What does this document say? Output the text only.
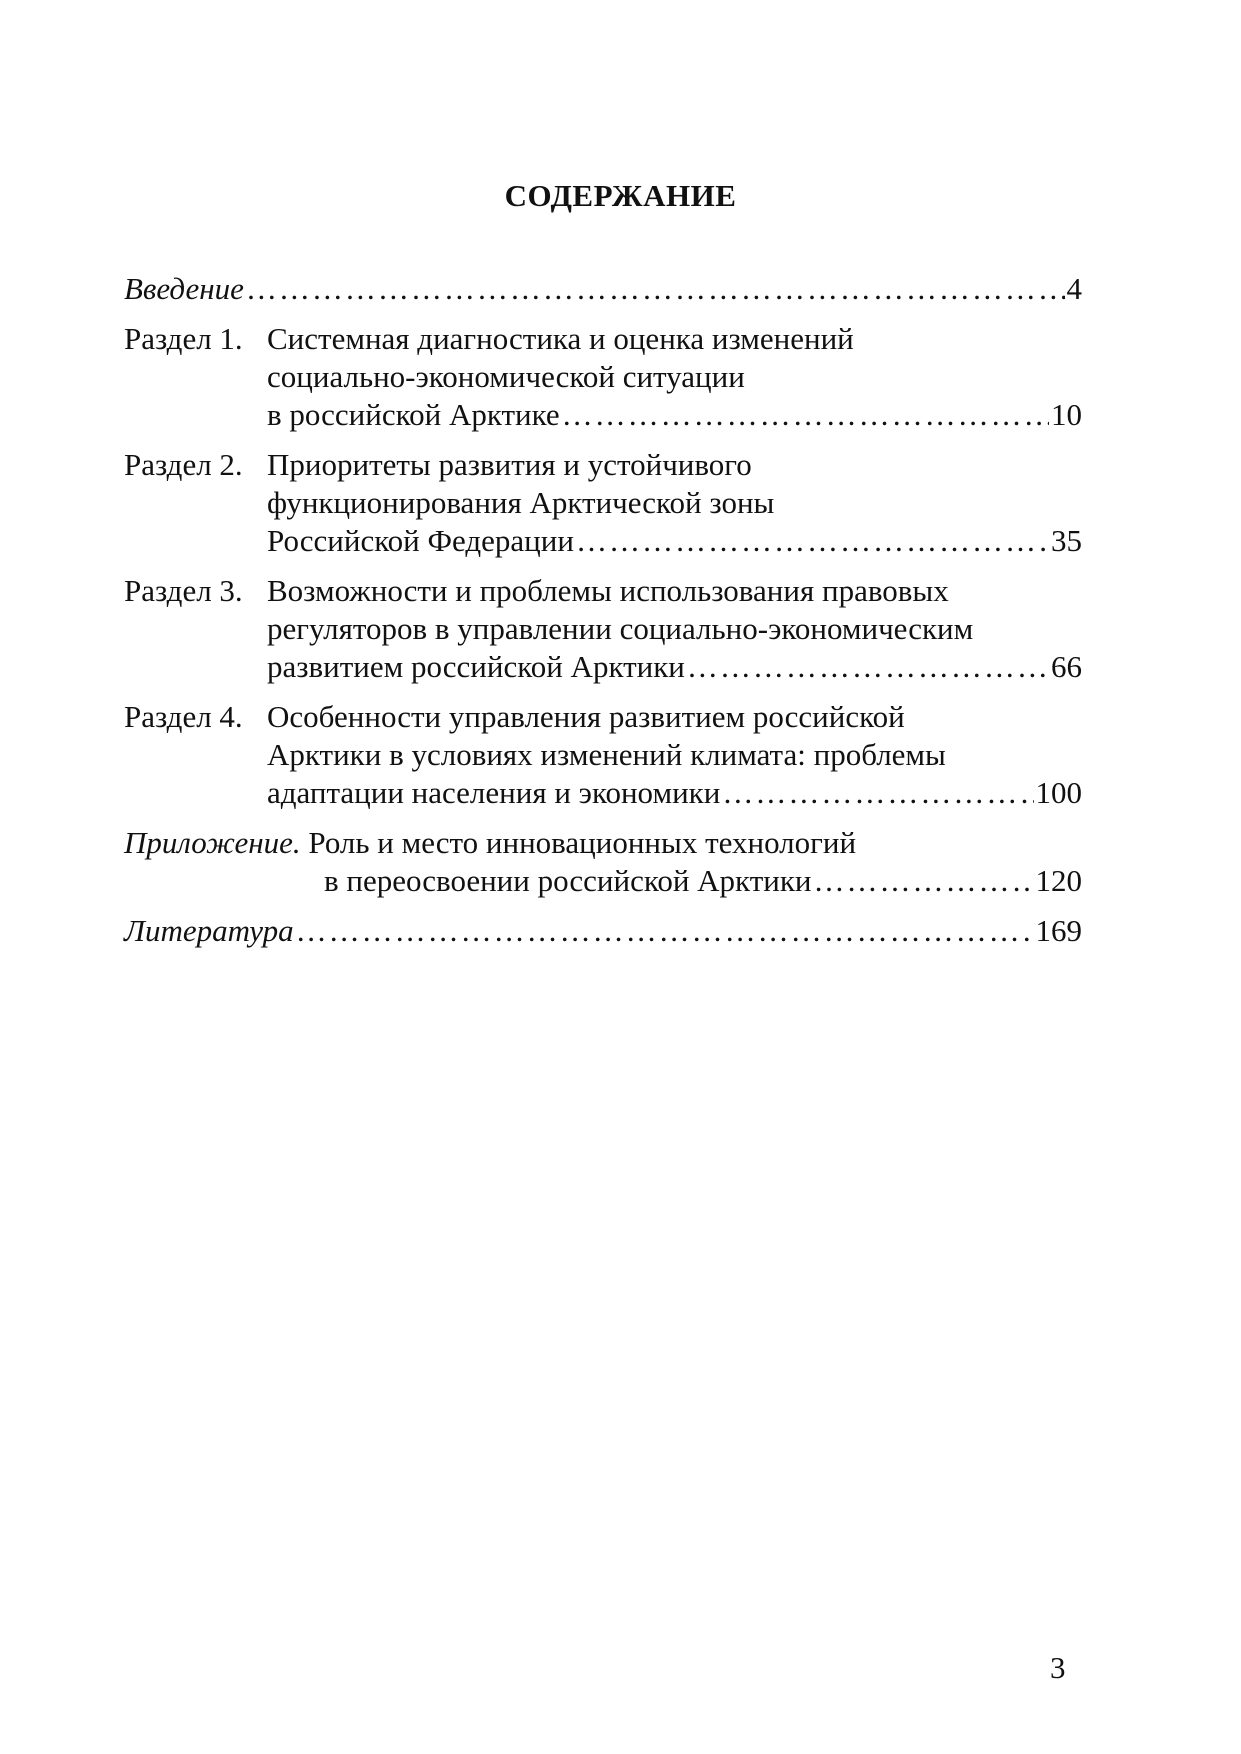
СОДЕРЖАНИЕ
Введение …………………………………………………………………………………………………………………………………………………	4
Раздел 1. Системная диагностика и оценка изменений
социально-экономической ситуации
в российской Арктике …………………………………………………………………………………………………………………………………………………	10
Раздел 2. Приоритеты развития и устойчивого
функционирования Арктической зоны
Российской Федерации …………………………………………………………………………………………………………………………………………………	35
Раздел 3. Возможности и проблемы использования правовых
регуляторов в управлении социально-экономическим
развитием российской Арктики …………………………………………………………………………………………………………………………………………………	66
Раздел 4. Особенности управления развитием российской
Арктики в условиях изменений климата: проблемы
адаптации населения и экономики …………………………………………………………………………………………………………………………………………………	100
Приложение.
Роль и место инновационных технологий
в переосвоении российской Арктики …………………………………………………………………………………………………………………………………………………	120
Литература …………………………………………………………………………………………………………………………………………………	169
3
